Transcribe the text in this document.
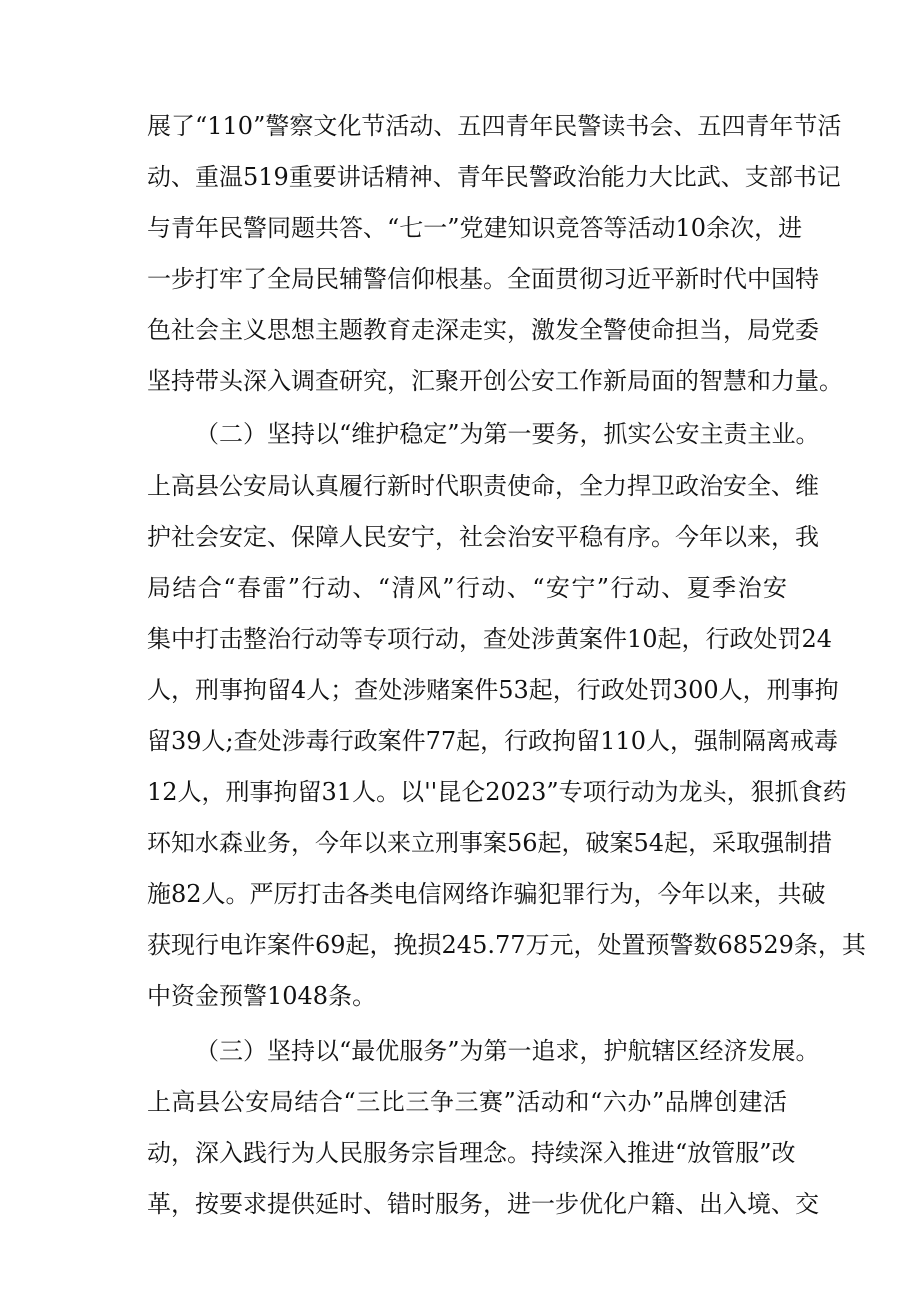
展了“110”警察文化节活动、五四青年民警读书会、五四青年节活
动、重温519重要讲话精神、青年民警政治能力大比武、支部书记
与青年民警同题共答、“七一”党建知识竞答等活动10余次，进
一步打牢了全局民辅警信仰根基。全面贯彻习近平新时代中国特
色社会主义思想主题教育走深走实，激发全警使命担当，局党委
坚持带头深入调查研究，汇聚开创公安工作新局面的智慧和力量。
（二）坚持以“维护稳定”为第一要务，抓实公安主责主业。
上高县公安局认真履行新时代职责使命，全力捍卫政治安全、维
护社会安定、保障人民安宁，社会治安平稳有序。今年以来，我
局结合“春雷”行动、“清风”行动、“安宁”行动、夏季治安
集中打击整治行动等专项行动，查处涉黄案件10起，行政处罚24
人，刑事拘留4人；查处涉赌案件53起，行政处罚300人，刑事拘
留39人;查处涉毒行政案件77起，行政拘留110人，强制隔离戒毒
12人，刑事拘留31人。以''昆仑2023”专项行动为龙头，狠抓食药
环知水森业务，今年以来立刑事案56起，破案54起，采取强制措
施82人。严厉打击各类电信网络诈骗犯罪行为，今年以来，共破
获现行电诈案件69起，挽损245.77万元，处置预警数68529条，其
中资金预警1048条。
（三）坚持以“最优服务”为第一追求，护航辖区经济发展。
上高县公安局结合“三比三争三赛”活动和“六办”品牌创建活
动，深入践行为人民服务宗旨理念。持续深入推进“放管服”改
革，按要求提供延时、错时服务，进一步优化户籍、出入境、交
